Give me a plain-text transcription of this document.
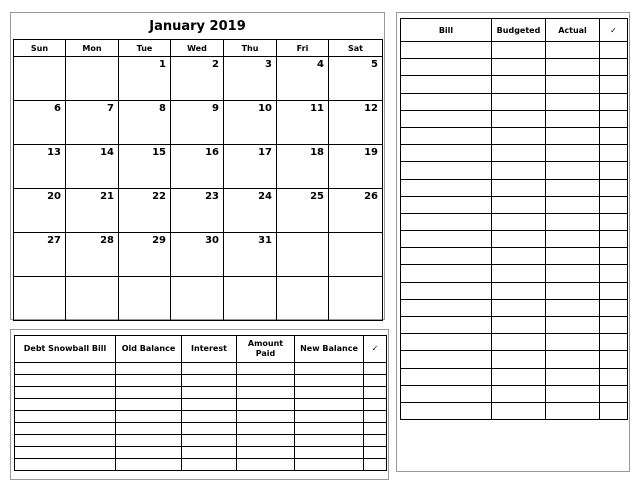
January 2019
Sun	Mon	Tue	Wed	Thu	Fri	Sat

		1	2	3	4	5

6	7	8	9	10	11	12

13	14	15	16	17	18	19

20	21	22	23	24	25	26

27	28	29	30	31		

Debt Snowball Bill	Old Balance	Interest	Amount Paid	New Balance	✓

Bill	Budgeted	Actual	✓
